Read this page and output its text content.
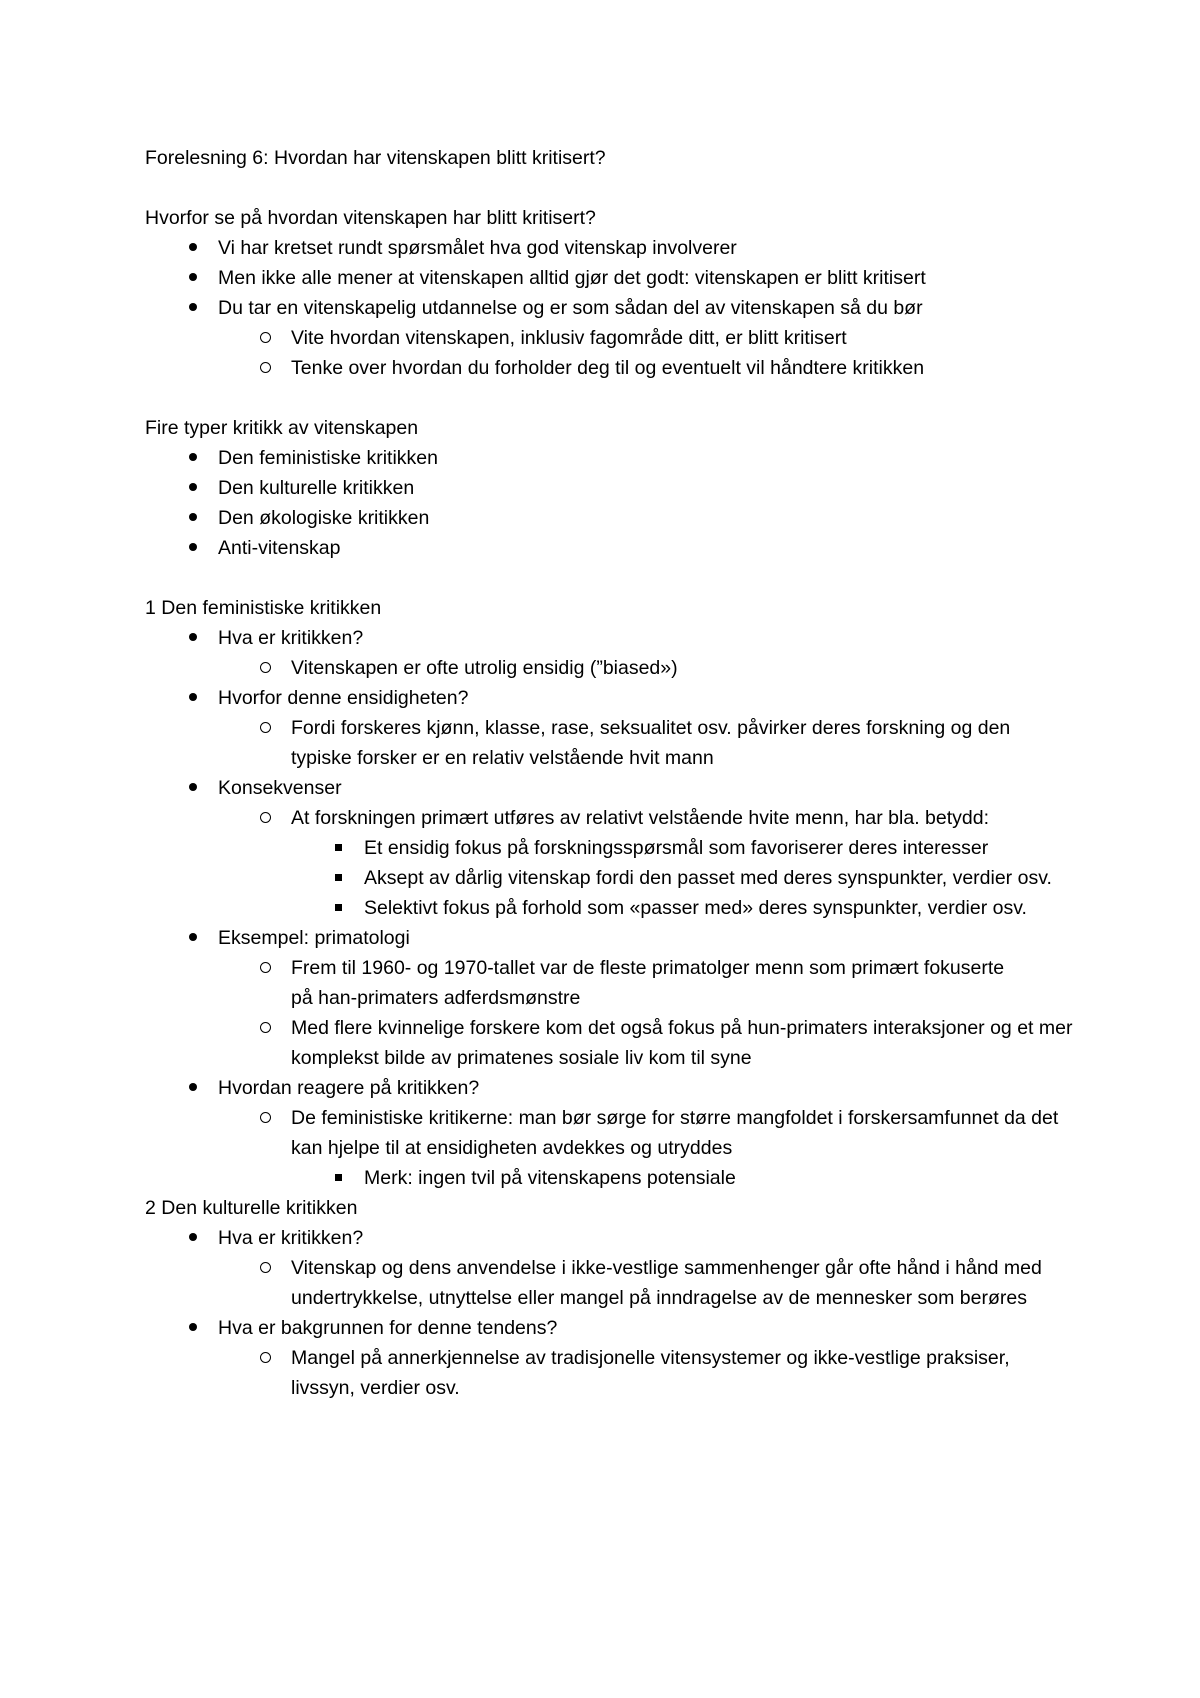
Forelesning 6: Hvordan har vitenskapen blitt kritisert?
Hvorfor se på hvordan vitenskapen har blitt kritisert?
Vi har kretset rundt spørsmålet hva god vitenskap involverer
Men ikke alle mener at vitenskapen alltid gjør det godt: vitenskapen er blitt kritisert
Du tar en vitenskapelig utdannelse og er som sådan del av vitenskapen så du bør
Vite hvordan vitenskapen, inklusiv fagområde ditt, er blitt kritisert
Tenke over hvordan du forholder deg til og eventuelt vil håndtere kritikken
Fire typer kritikk av vitenskapen
Den feministiske kritikken
Den kulturelle kritikken
Den økologiske kritikken
Anti-vitenskap
1 Den feministiske kritikken
Hva er kritikken?
Vitenskapen er ofte utrolig ensidig (”biased»)
Hvorfor denne ensidigheten?
Fordi forskeres kjønn, klasse, rase, seksualitet osv. påvirker deres forskning og den typiske forsker er en relativ velstående hvit mann
Konsekvenser
At forskningen primært utføres av relativt velstående hvite menn, har bla. betydd:
Et ensidig fokus på forskningsspørsmål som favoriserer deres interesser
Aksept av dårlig vitenskap fordi den passet med deres synspunkter, verdier osv.
Selektivt fokus på forhold som «passer med» deres synspunkter, verdier osv.
Eksempel: primatologi
Frem til 1960- og 1970-tallet var de fleste primatolger menn som primært fokuserte på han-primaters adferdsmønstre
Med flere kvinnelige forskere kom det også fokus på hun-primaters interaksjoner og et mer komplekst bilde av primatenes sosiale liv kom til syne
Hvordan reagere på kritikken?
De feministiske kritikerne: man bør sørge for større mangfoldet i forskersamfunnet da det kan hjelpe til at ensidigheten avdekkes og utryddes
Merk: ingen tvil på vitenskapens potensiale
2 Den kulturelle kritikken
Hva er kritikken?
Vitenskap og dens anvendelse i ikke-vestlige sammenhenger går ofte hånd i hånd med undertrykkelse, utnyttelse eller mangel på inndragelse av de mennesker som berøres
Hva er bakgrunnen for denne tendens?
Mangel på annerkjennelse av tradisjonelle vitensystemer og ikke-vestlige praksiser, livssyn, verdier osv.
